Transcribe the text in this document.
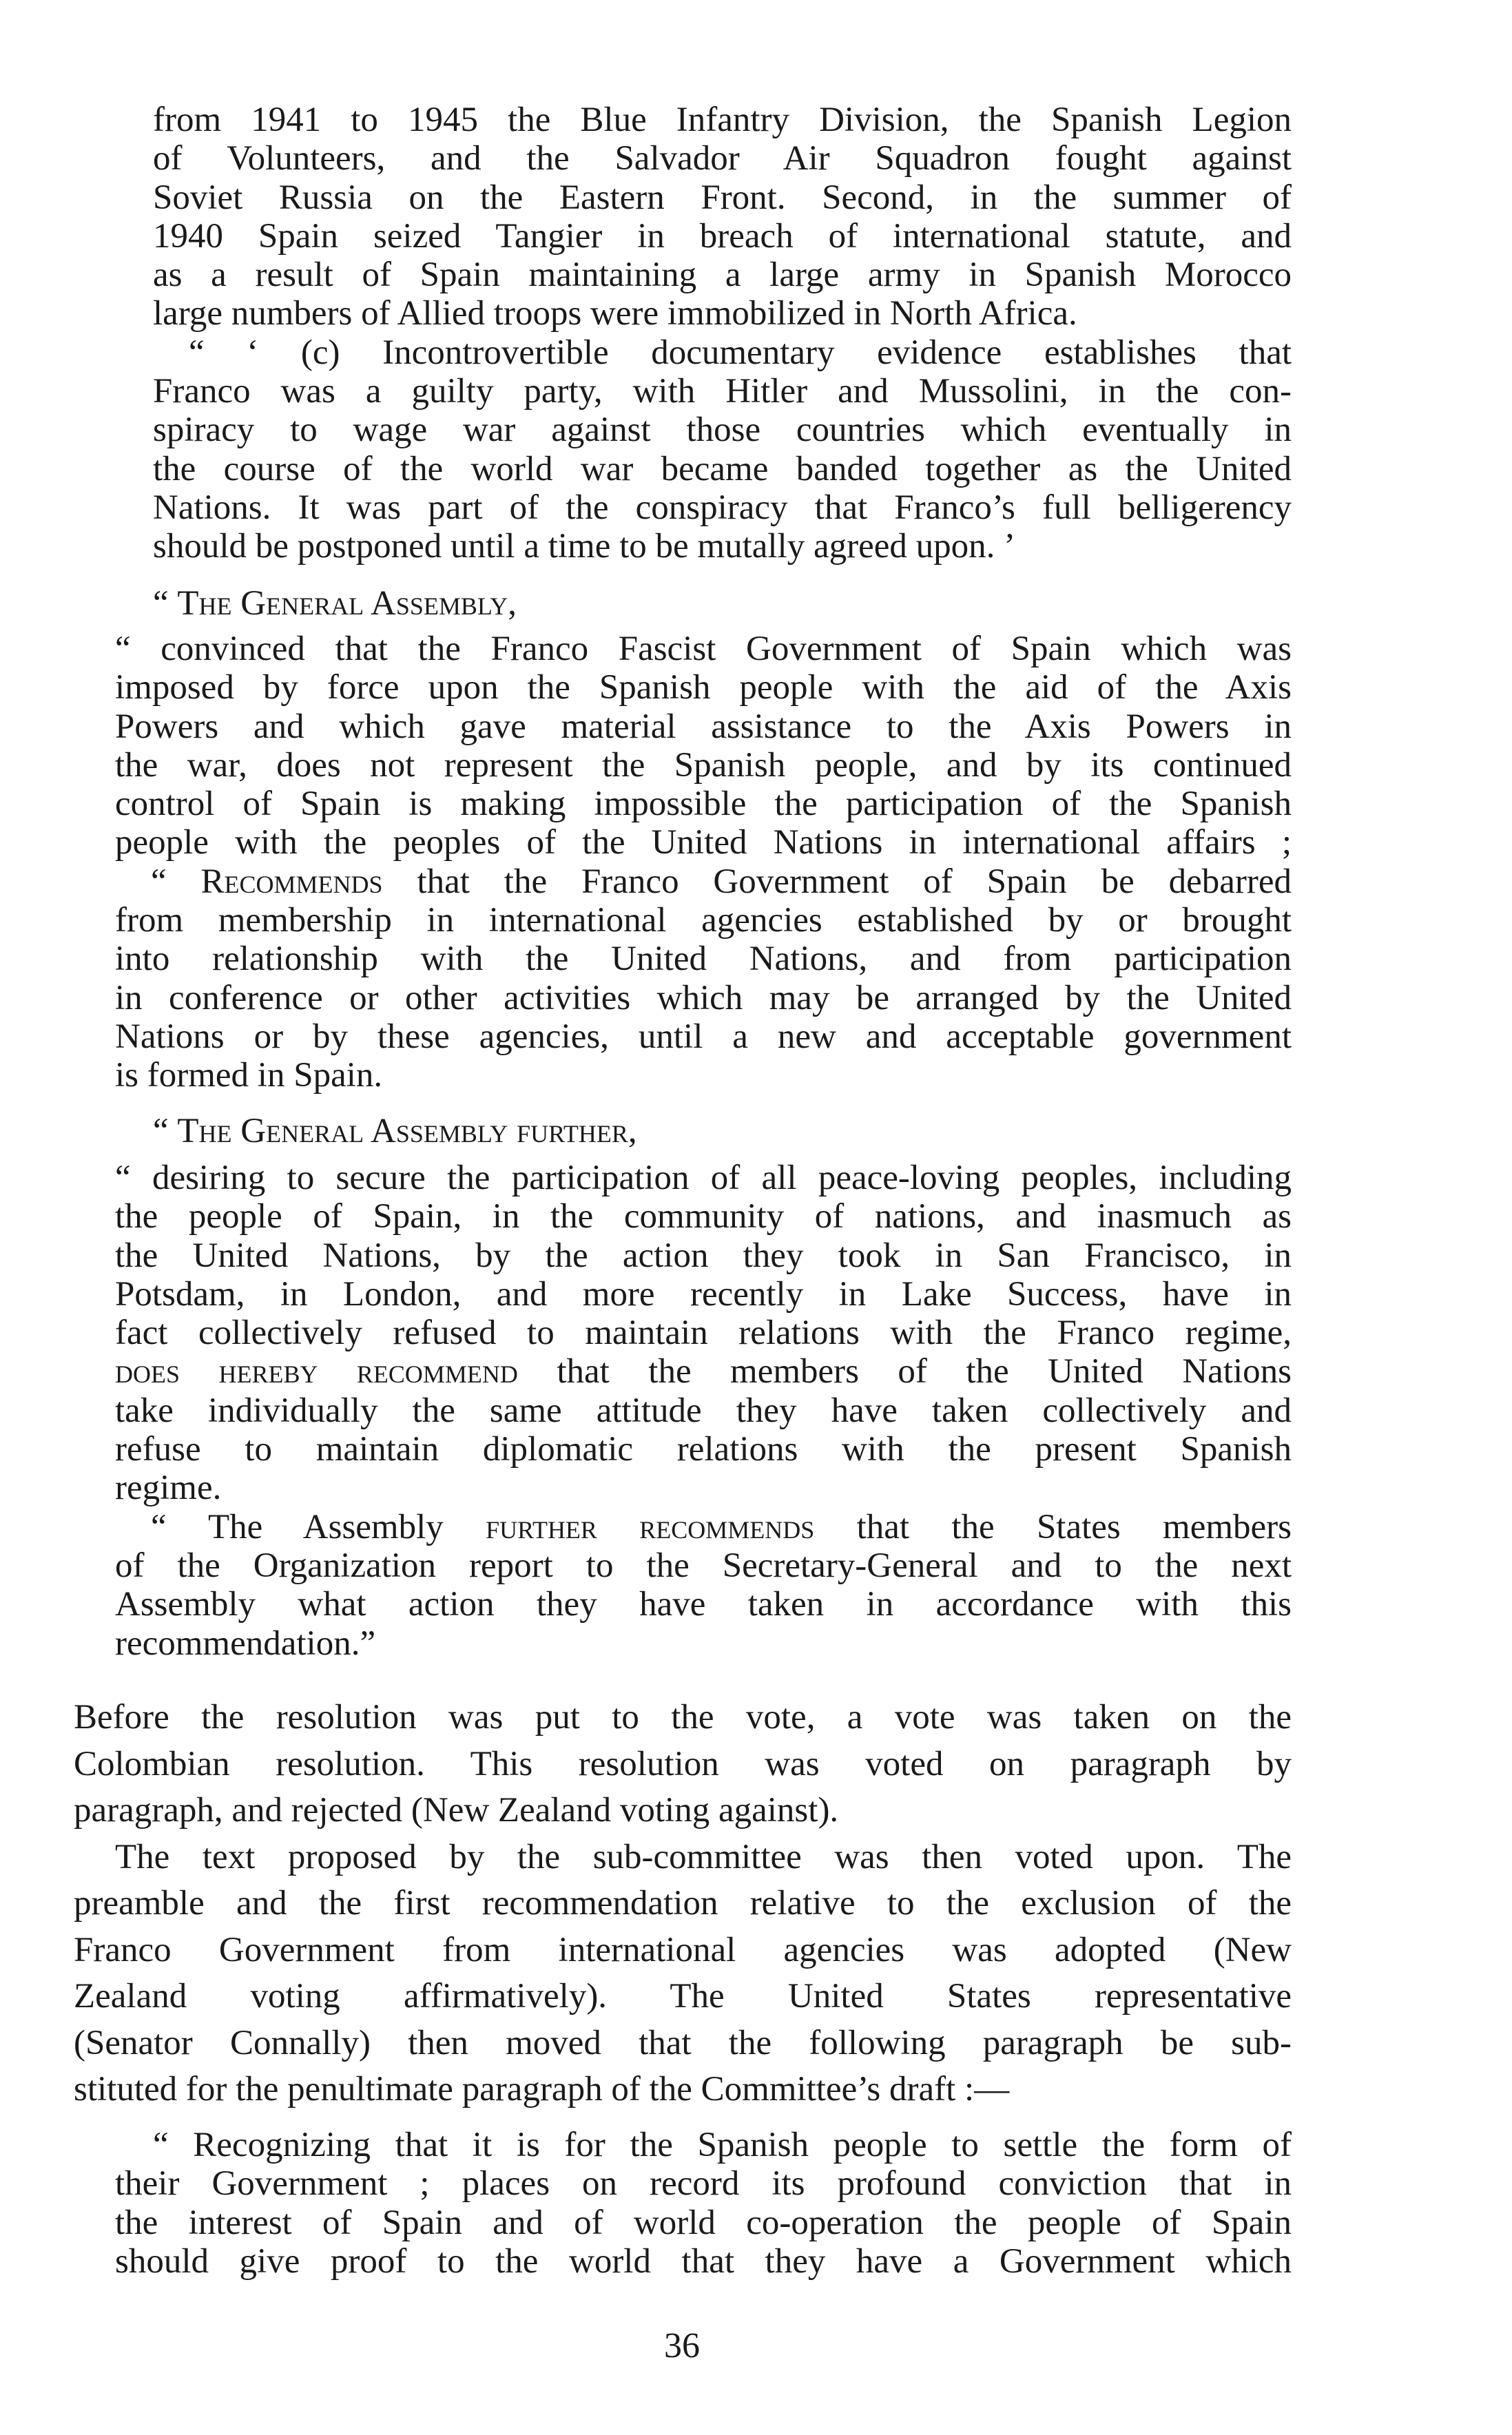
from 1941 to 1945 the Blue Infantry Division, the Spanish Legion
of Volunteers, and the Salvador Air Squadron fought against
Soviet Russia on the Eastern Front. Second, in the summer of
1940 Spain seized Tangier in breach of international statute, and
as a result of Spain maintaining a large army in Spanish Morocco
large numbers of Allied troops were immobilized in North Africa.
“ ‘ (c) Incontrovertible documentary evidence establishes that
Franco was a guilty party, with Hitler and Mussolini, in the con-
spiracy to wage war against those countries which eventually in
the course of the world war became banded together as the United
Nations. It was part of the conspiracy that Franco’s full belligerency
should be postponed until a time to be mutally agreed upon. ’
“ The General Assembly,
“ convinced that the Franco Fascist Government of Spain which was
imposed by force upon the Spanish people with the aid of the Axis
Powers and which gave material assistance to the Axis Powers in
the war, does not represent the Spanish people, and by its continued
control of Spain is making impossible the participation of the Spanish
people with the peoples of the United Nations in international affairs ;
“ Recommends that the Franco Government of Spain be debarred
from membership in international agencies established by or brought
into relationship with the United Nations, and from participation
in conference or other activities which may be arranged by the United
Nations or by these agencies, until a new and acceptable government
is formed in Spain.
“ The General Assembly further,
“ desiring to secure the participation of all peace-loving peoples, including
the people of Spain, in the community of nations, and inasmuch as
the United Nations, by the action they took in San Francisco, in
Potsdam, in London, and more recently in Lake Success, have in
fact collectively refused to maintain relations with the Franco regime,
does hereby recommend that the members of the United Nations
take individually the same attitude they have taken collectively and
refuse to maintain diplomatic relations with the present Spanish
regime.
“ The Assembly further recommends that the States members
of the Organization report to the Secretary-General and to the next
Assembly what action they have taken in accordance with this
recommendation.”
Before the resolution was put to the vote, a vote was taken on the
Colombian resolution. This resolution was voted on paragraph by
paragraph, and rejected (New Zealand voting against).
The text proposed by the sub-committee was then voted upon. The
preamble and the first recommendation relative to the exclusion of the
Franco Government from international agencies was adopted (New
Zealand voting affirmatively). The United States representative
(Senator Connally) then moved that the following paragraph be sub-
stituted for the penultimate paragraph of the Committee’s draft :—
“ Recognizing that it is for the Spanish people to settle the form of
their Government ; places on record its profound conviction that in
the interest of Spain and of world co-operation the people of Spain
should give proof to the world that they have a Government which
36
